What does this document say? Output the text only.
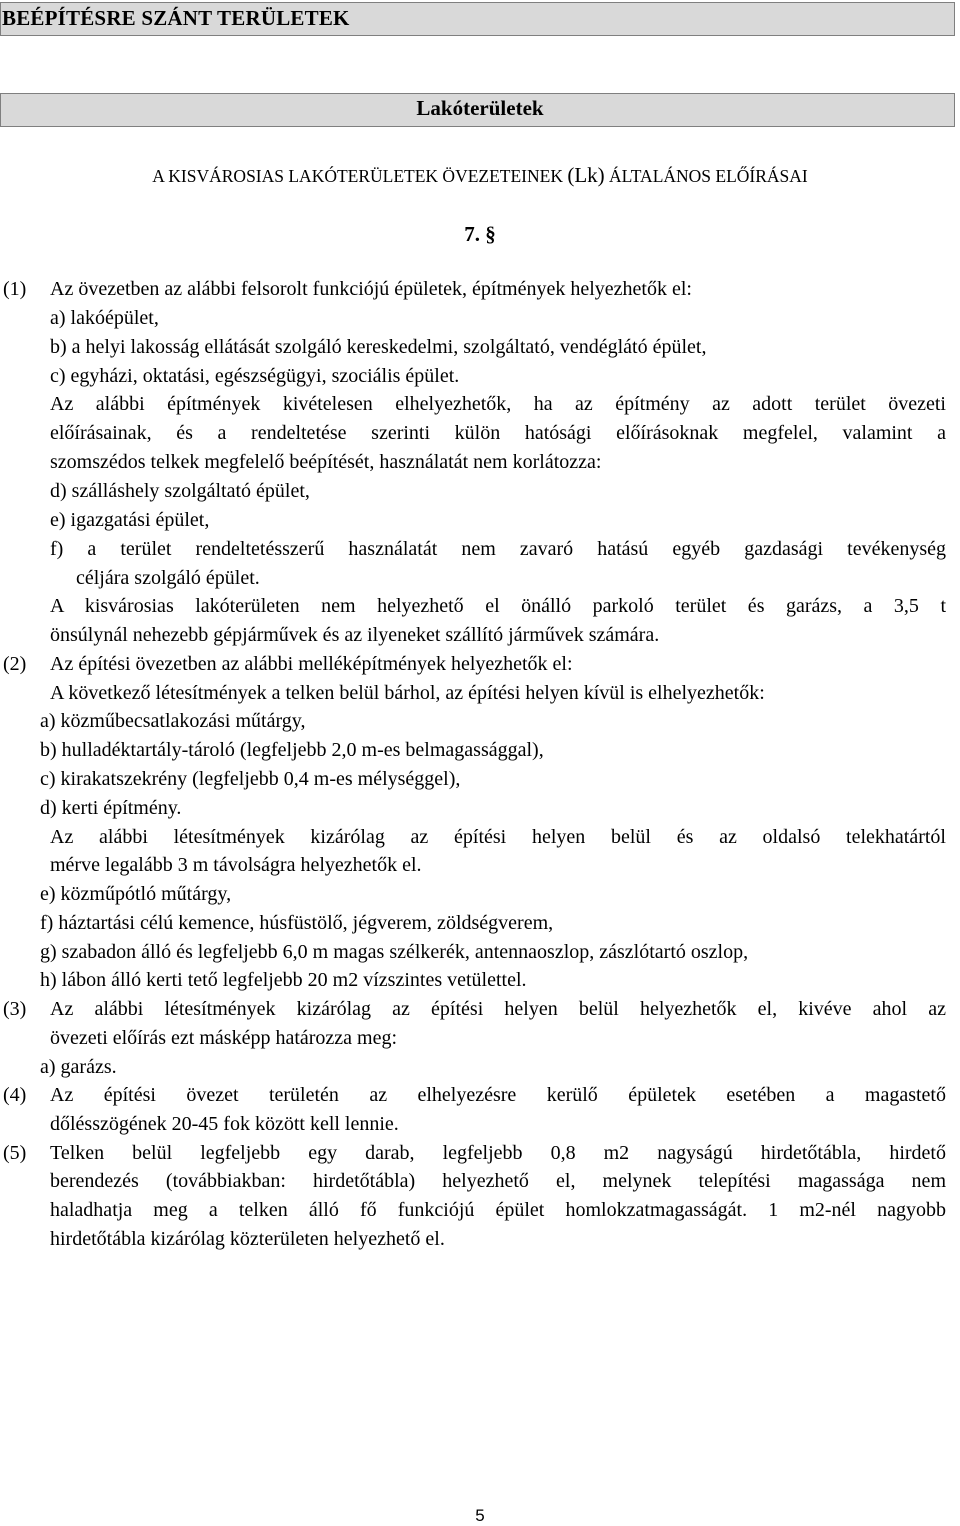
BEÉPÍTÉSRE SZÁNT TERÜLETEK
Lakóterületek
A KISVÁROSIAS LAKÓTERÜLETEK ÖVEZETEINEK (Lk) ÁLTALÁNOS ELŐÍRÁSAI
7. §
(1) Az övezetben az alábbi felsorolt funkciójú épületek, építmények helyezhetők el:
a) lakóépület,
b) a helyi lakosság ellátását szolgáló kereskedelmi, szolgáltató, vendéglátó épület,
c) egyházi, oktatási, egészségügyi, szociális épület.
Az alábbi építmények kivételesen elhelyezhetők, ha az építmény az adott terület övezeti
előírásainak, és a rendeltetése szerinti külön hatósági előírásoknak megfelel, valamint a
szomszédos telkek megfelelő beépítését, használatát nem korlátozza:
d) szálláshely szolgáltató épület,
e) igazgatási épület,
f) a terület rendeltetésszerű használatát nem zavaró hatású egyéb gazdasági tevékenység
céljára szolgáló épület.
A kisvárosias lakóterületen nem helyezhető el önálló parkoló terület és garázs, a 3,5 t
önsúlynál nehezebb gépjárművek és az ilyeneket szállító járművek számára.
(2) Az építési övezetben az alábbi melléképítmények helyezhetők el:
A következő létesítmények a telken belül bárhol, az építési helyen kívül is elhelyezhetők:
a) közműbecsatlakozási műtárgy,
b) hulladéktartály-tároló (legfeljebb 2,0 m-es belmagassággal),
c) kirakatszekrény (legfeljebb 0,4 m-es mélységgel),
d) kerti építmény.
Az alábbi létesítmények kizárólag az építési helyen belül és az oldalsó telekhatártól
mérve legalább 3 m távolságra helyezhetők el.
e) közműpótló műtárgy,
f) háztartási célú kemence, húsfüstölő, jégverem, zöldségverem,
g) szabadon álló és legfeljebb 6,0 m magas szélkerék, antennaoszlop, zászlótartó oszlop,
h) lábon álló kerti tető legfeljebb 20 m2 vízszintes vetülettel.
(3) Az alábbi létesítmények kizárólag az építési helyen belül helyezhetők el, kivéve ahol az
övezeti előírás ezt másképp határozza meg:
a) garázs.
(4) Az építési övezet területén az elhelyezésre kerülő épületek esetében a magastető
dőlésszögének 20-45 fok között kell lennie.
(5) Telken belül legfeljebb egy darab, legfeljebb 0,8 m2 nagyságú hirdetőtábla, hirdető
berendezés (továbbiakban: hirdetőtábla) helyezhető el, melynek telepítési magassága nem
haladhatja meg a telken álló fő funkciójú épület homlokzatmagasságát. 1 m2-nél nagyobb
hirdetőtábla kizárólag közterületen helyezhető el.
5
